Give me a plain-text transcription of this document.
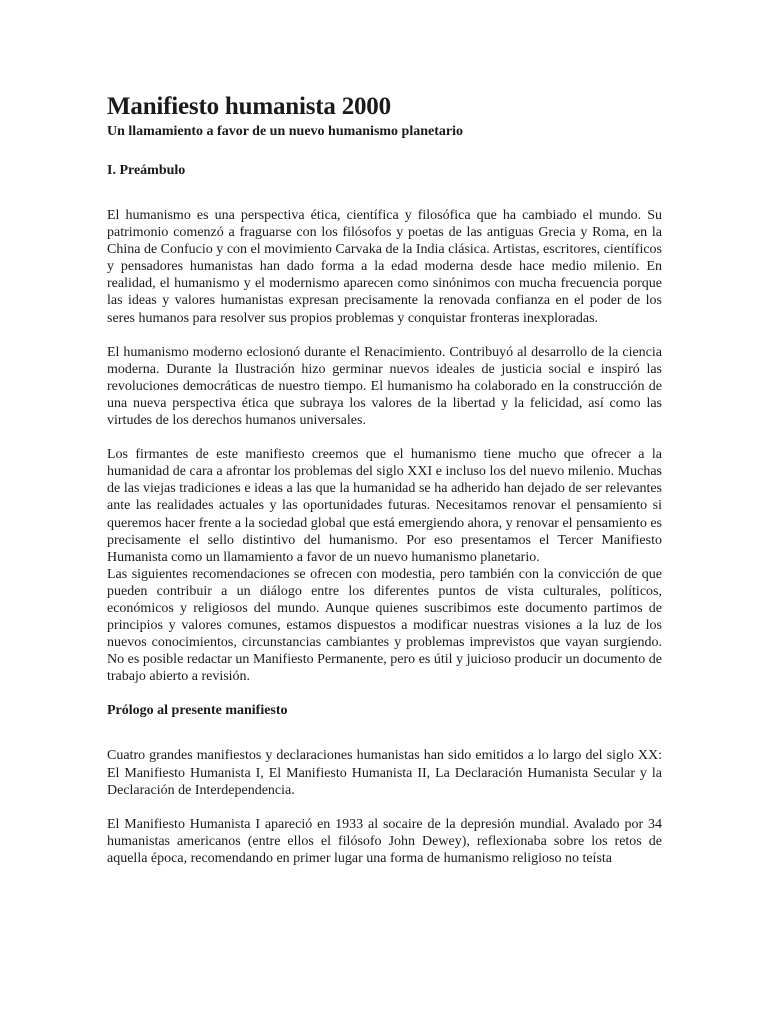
Manifiesto humanista 2000
Un llamamiento a favor de un nuevo humanismo planetario
I. Preámbulo

El humanismo es una perspectiva ética, científica y filosófica que ha cambiado el mundo. Su patrimonio comenzó a fraguarse con los filósofos y poetas de las antiguas Grecia y Roma, en la China de Confucio y con el movimiento Carvaka de la India clásica. Artistas, escritores, científicos y pensadores humanistas han dado forma a la edad moderna desde hace medio milenio. En realidad, el humanismo y el modernismo aparecen como sinónimos con mucha frecuencia porque las ideas y valores humanistas expresan precisamente la renovada confianza en el poder de los seres humanos para resolver sus propios problemas y conquistar fronteras inexploradas.

El humanismo moderno eclosionó durante el Renacimiento. Contribuyó al desarrollo de la ciencia moderna. Durante la Ilustración hizo germinar nuevos ideales de justicia social e inspiró las revoluciones democráticas de nuestro tiempo. El humanismo ha colaborado en la construcción de una nueva perspectiva ética que subraya los valores de la libertad y la felicidad, así como las virtudes de los derechos humanos universales.

Los firmantes de este manifiesto creemos que el humanismo tiene mucho que ofrecer a la humanidad de cara a afrontar los problemas del siglo XXI e incluso los del nuevo milenio. Muchas de las viejas tradiciones e ideas a las que la humanidad se ha adherido han dejado de ser relevantes ante las realidades actuales y las oportunidades futuras. Necesitamos renovar el pensamiento si queremos hacer frente a la sociedad global que está emergiendo ahora, y renovar el pensamiento es precisamente el sello distintivo del humanismo. Por eso presentamos el Tercer Manifiesto Humanista como un llamamiento a favor de un nuevo humanismo planetario.

Las siguientes recomendaciones se ofrecen con modestia, pero también con la convicción de que pueden contribuir a un diálogo entre los diferentes puntos de vista culturales, políticos, económicos y religiosos del mundo. Aunque quienes suscribimos este documento partimos de principios y valores comunes, estamos dispuestos a modificar nuestras visiones a la luz de los nuevos conocimientos, circunstancias cambiantes y problemas imprevistos que vayan surgiendo. No es posible redactar un Manifiesto Permanente, pero es útil y juicioso producir un documento de trabajo abierto a revisión.

Prólogo al presente manifiesto

Cuatro grandes manifiestos y declaraciones humanistas han sido emitidos a lo largo del siglo XX: El Manifiesto Humanista I, El Manifiesto Humanista II, La Declaración Humanista Secular y la Declaración de Interdependencia.

El Manifiesto Humanista I apareció en 1933 al socaire de la depresión mundial. Avalado por 34 humanistas americanos (entre ellos el filósofo John Dewey), reflexionaba sobre los retos de aquella época, recomendando en primer lugar una forma de humanismo religioso no teísta
